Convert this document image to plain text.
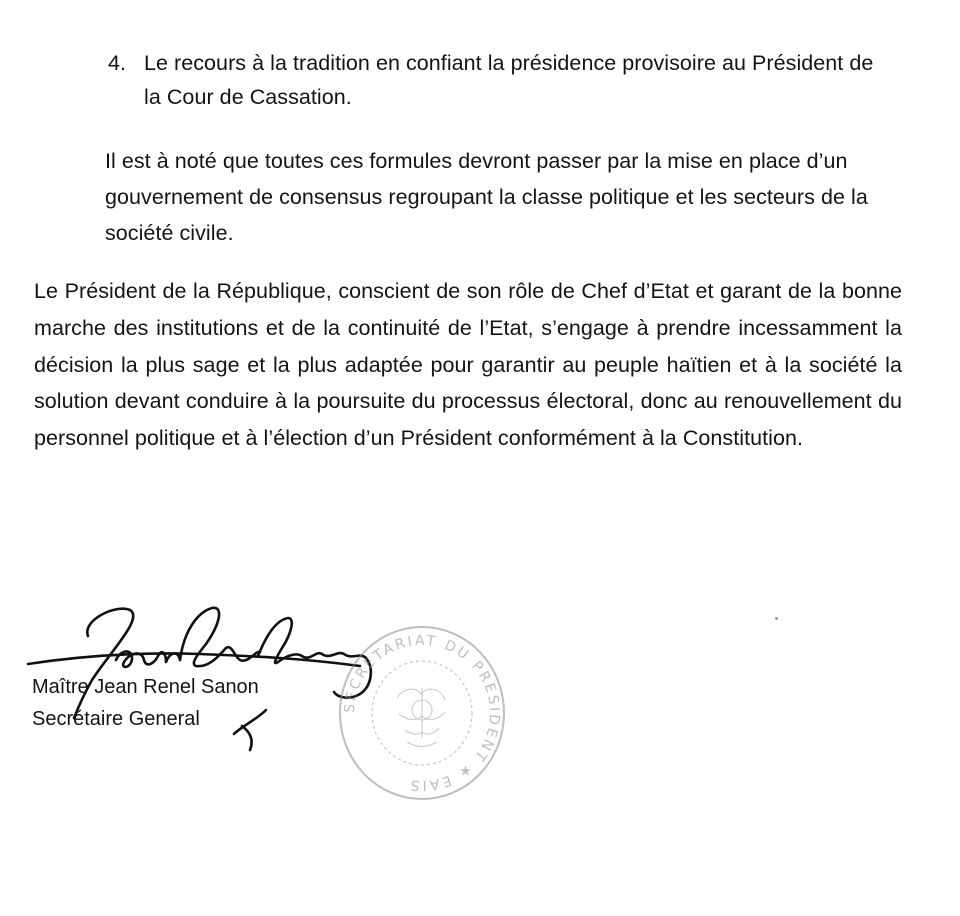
4. Le recours à la tradition en confiant la présidence provisoire au Président de la Cour de Cassation.
Il est à noté que toutes ces formules devront passer par la mise en place d’un gouvernement de consensus regroupant la classe politique et les secteurs de la société civile.
Le Président de la République, conscient de son rôle de Chef d’Etat et garant de la bonne marche des institutions et de la continuité de l’Etat, s’engage à prendre incessamment la décision la plus sage et la plus adaptée pour garantir au peuple haïtien et à la société la solution devant conduire à la poursuite du processus électoral, donc au renouvellement du personnel politique et à l’élection d’un Président conformément à la Constitution.
Maître Jean Renel Sanon
Secrétaire General
SECRETARIAT DU PRESIDENT ★ EAIS
